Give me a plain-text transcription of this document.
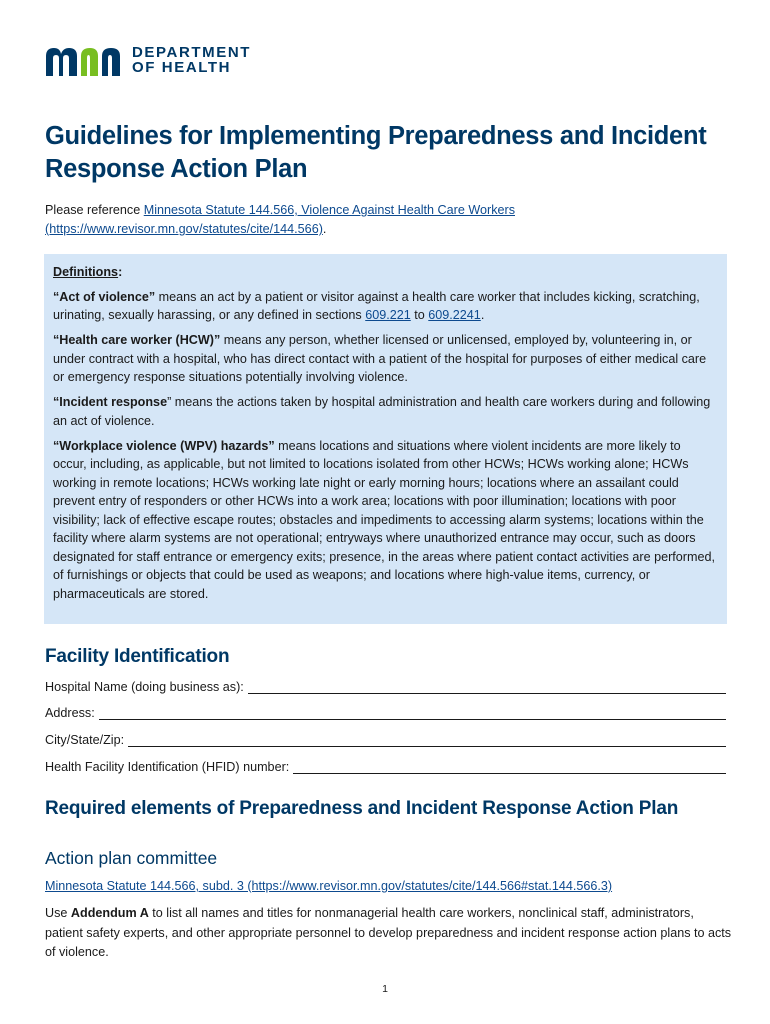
DEPARTMENT
OF HEALTH
Guidelines for Implementing Preparedness and Incident Response Action Plan
Please reference Minnesota Statute 144.566, Violence Against Health Care Workers (https://www.revisor.mn.gov/statutes/cite/144.566).

Definitions:

“Act of violence” means an act by a patient or visitor against a health care worker that includes kicking, scratching, urinating, sexually harassing, or any defined in sections 609.221 to 609.2241.

“Health care worker (HCW)” means any person, whether licensed or unlicensed, employed by, volunteering in, or under contract with a hospital, who has direct contact with a patient of the hospital for purposes of either medical care or emergency response situations potentially involving violence.

“Incident response” means the actions taken by hospital administration and health care workers during and following an act of violence.

“Workplace violence (WPV) hazards” means locations and situations where violent incidents are more likely to occur, including, as applicable, but not limited to locations isolated from other HCWs; HCWs working alone; HCWs working in remote locations; HCWs working late night or early morning hours; locations where an assailant could prevent entry of responders or other HCWs into a work area; locations with poor illumination; locations with poor visibility; lack of effective escape routes; obstacles and impediments to accessing alarm systems; locations within the facility where alarm systems are not operational; entryways where unauthorized entrance may occur, such as doors designated for staff entrance or emergency exits; presence, in the areas where patient contact activities are performed, of furnishings or objects that could be used as weapons; and locations where high-value items, currency, or pharmaceuticals are stored.

Facility Identification
Hospital Name (doing business as):
Address:
City/State/Zip:
Health Facility Identification (HFID) number:
Required elements of Preparedness and Incident Response Action Plan
Action plan committee
Minnesota Statute 144.566, subd. 3 (https://www.revisor.mn.gov/statutes/cite/144.566#stat.144.566.3)
Use Addendum A to list all names and titles for nonmanagerial health care workers, nonclinical staff, administrators, patient safety experts, and other appropriate personnel to develop preparedness and incident response action plans to acts of violence.
1
